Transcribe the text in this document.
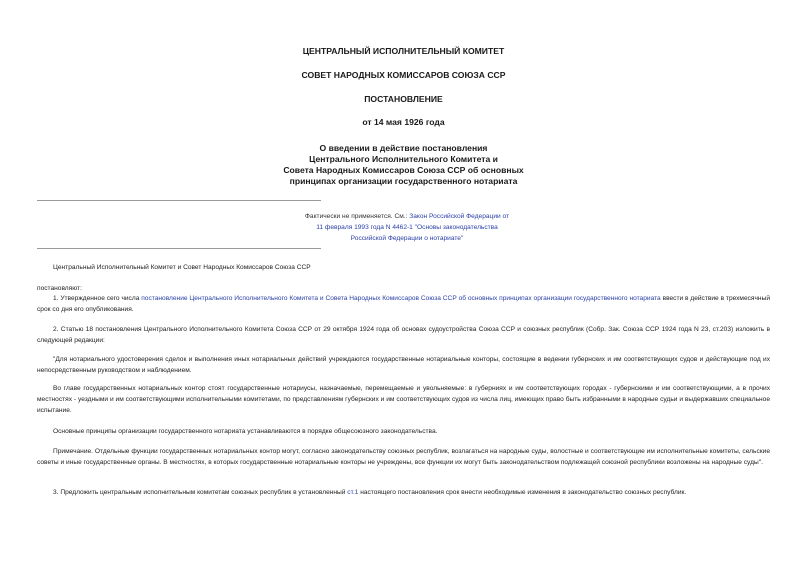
ЦЕНТРАЛЬНЫЙ ИСПОЛНИТЕЛЬНЫЙ КОМИТЕТ
СОВЕТ НАРОДНЫХ КОМИССАРОВ СОЮЗА ССР
ПОСТАНОВЛЕНИЕ
от 14 мая 1926 года
О введении в действие постановления
Центрального Исполнительного Комитета и
Совета Народных Комиссаров Союза ССР об основных
принципах организации государственного нотариата
Фактически не применяется. См.: Закон Российской Федерации от
11 февраля 1993 года N 4462-1 "Основы законодательства
Российской Федерации о нотариате"
Центральный Исполнительный Комитет и Совет Народных Комиссаров Союза ССР
постановляют:
1. Утвержденное сего числа постановление Центрального Исполнительного Комитета и Совета Народных Комиссаров Союза ССР об основных принципах организации государственного нотариата ввести в действие в трехмесячный срок со дня его опубликования.
2. Статью 18 постановления Центрального Исполнительного Комитета Союза ССР от 29 октября 1924 года об основах судоустройства Союза ССР и союзных республик (Собр. Зак. Союза ССР 1924 года N 23, ст.203) изложить в следующей редакции:
"Для нотариального удостоверения сделок и выполнения иных нотариальных действий учреждаются государственные нотариальные конторы, состоящие в ведении губернских и им соответствующих судов и действующие под их непосредственным руководством и наблюдением.
Во главе государственных нотариальных контор стоят государственные нотариусы, назначаемые, перемещаемые и увольняемые: в губерниях и им соответствующих городах - губернскими и им соответствующими, а в прочих местностях - уездными и им соответствующими исполнительными комитетами, по представлениям губернских и им соответствующих судов из числа лиц, имеющих право быть избранными в народные судьи и выдержавших специальное испытание.
Основные принципы организации государственного нотариата устанавливаются в порядке общесоюзного законодательства.
Примечание. Отдельные функции государственных нотариальных контор могут, согласно законодательству союзных республик, возлагаться на народные суды, волостные и соответствующие им исполнительные комитеты, сельские советы и иные государственные органы. В местностях, в которых государственные нотариальные конторы не учреждены, все функции их могут быть законодательством подлежащей союзной республики возложены на народные суды".
3. Предложить центральным исполнительным комитетам союзных республик в установленный ст.1 настоящего постановления срок внести необходимые изменения в законодательство союзных республик.
